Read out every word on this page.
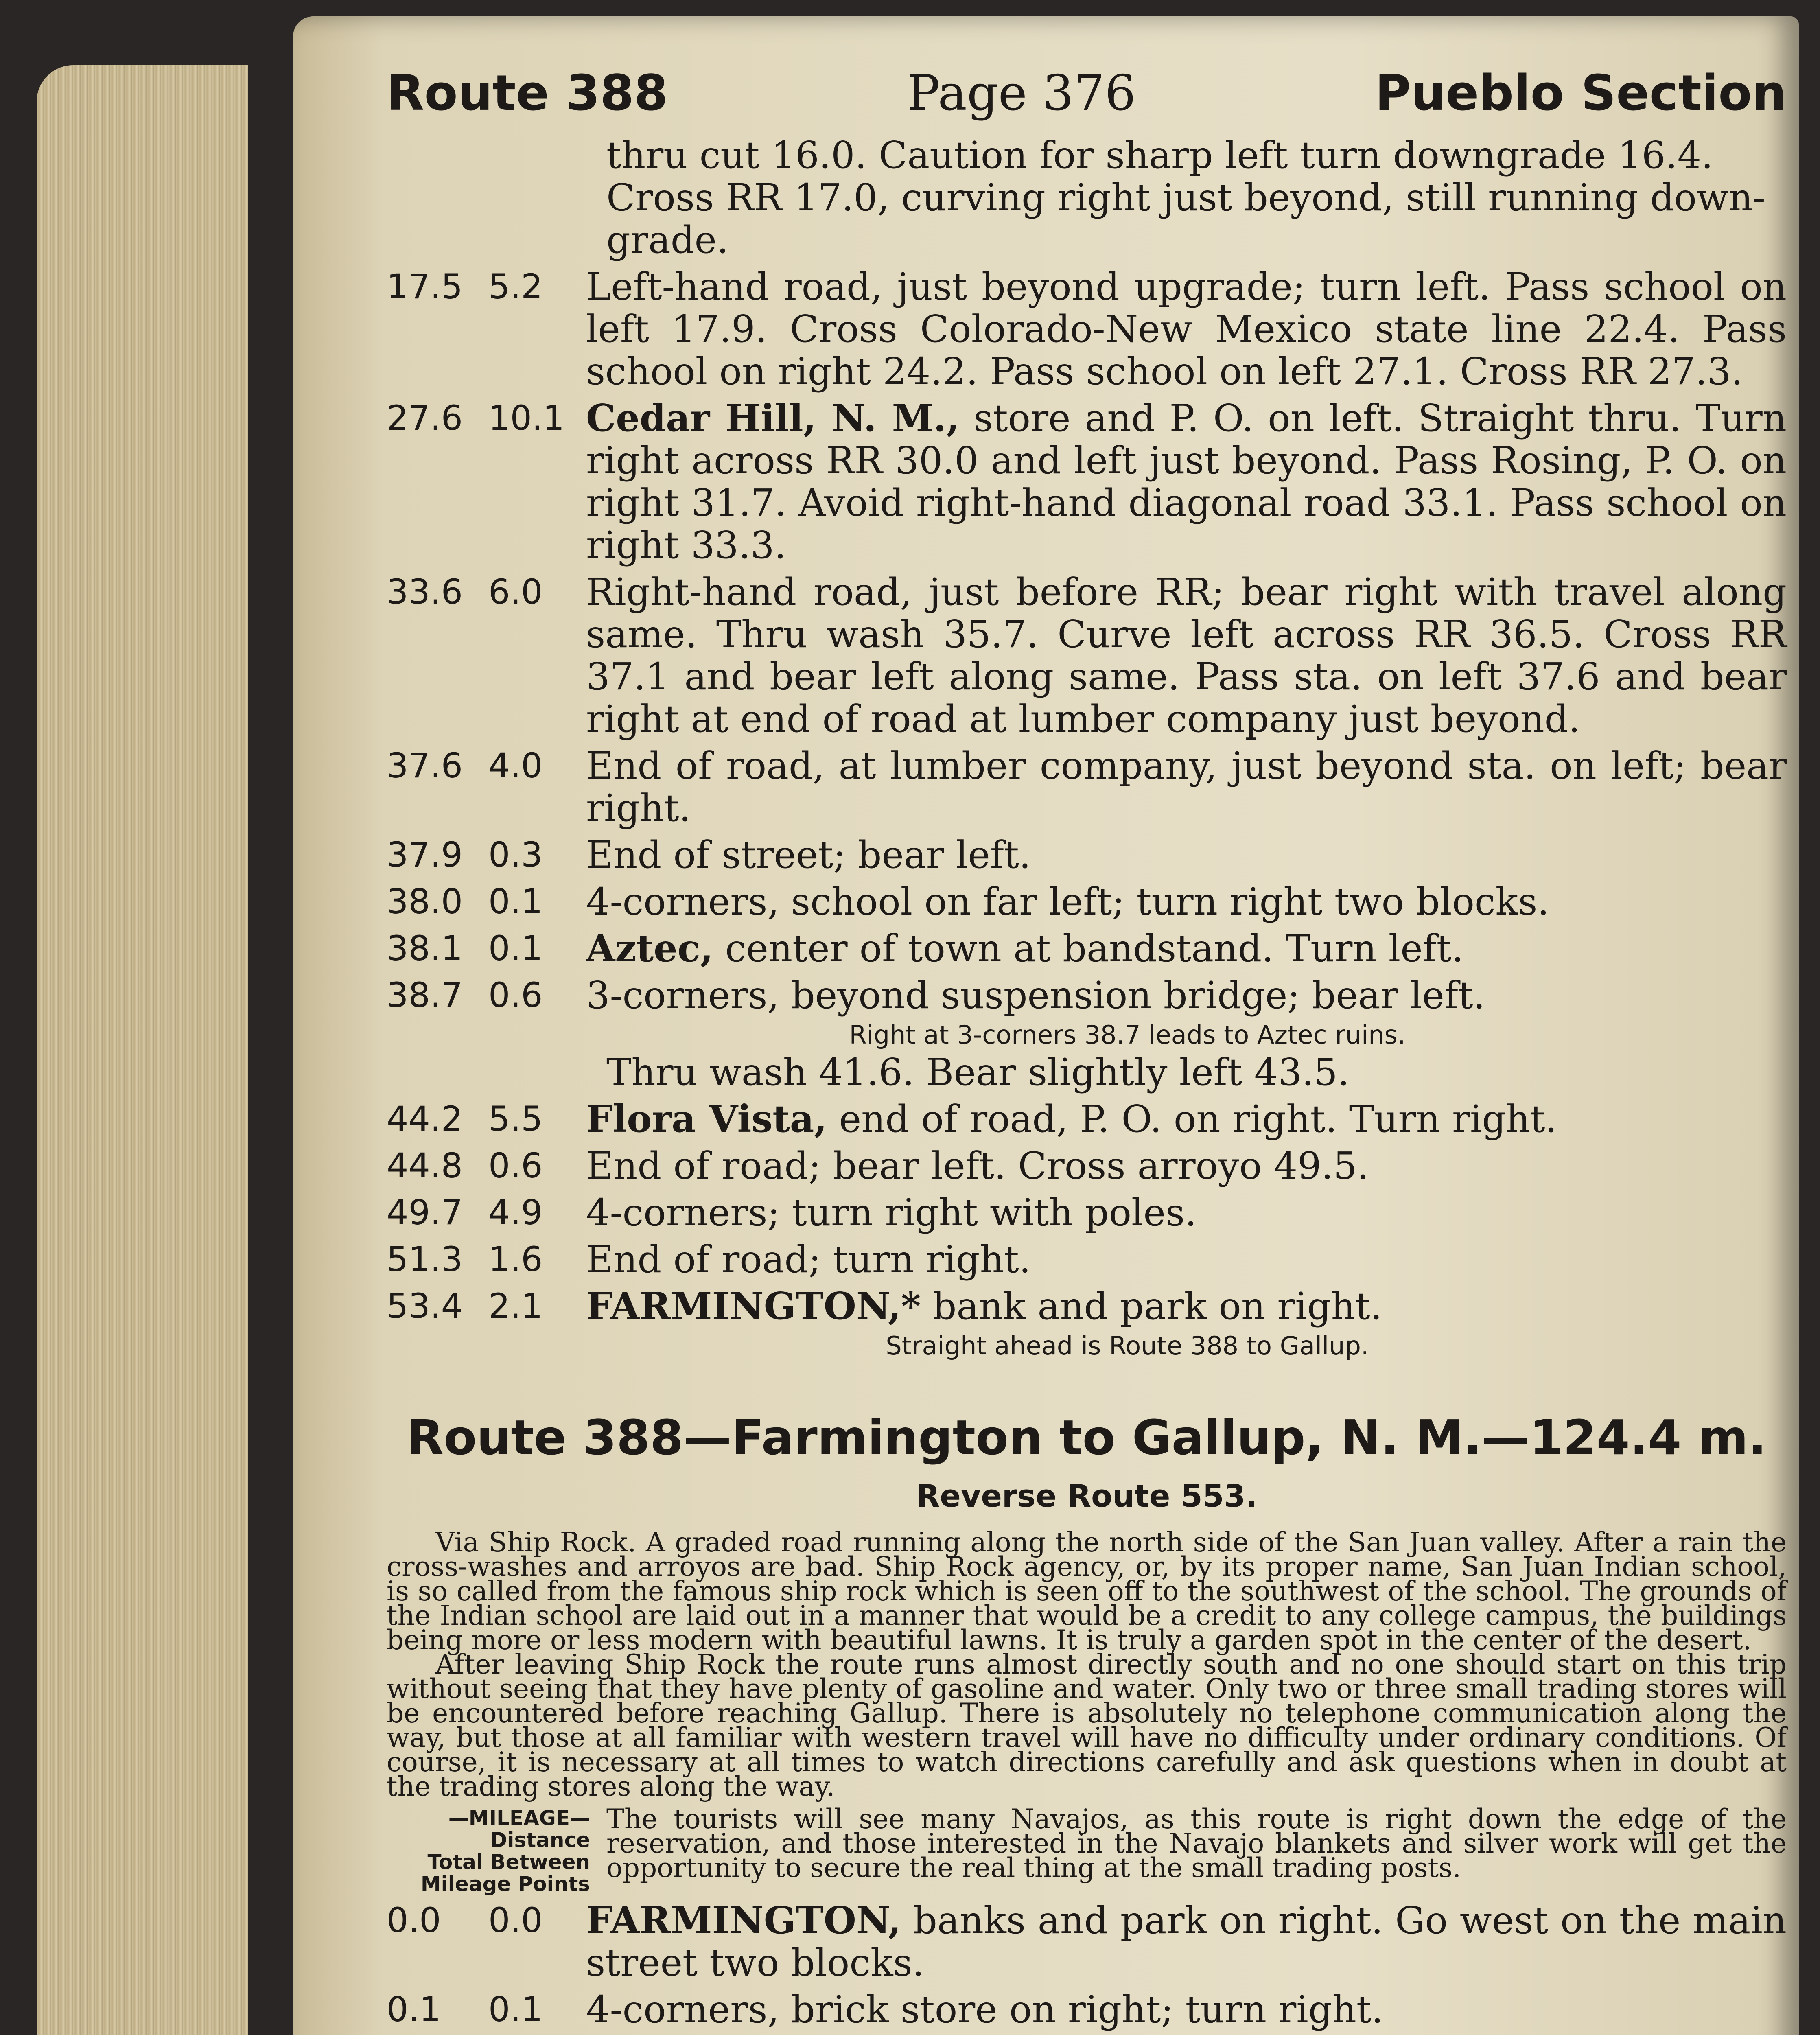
Route 388	Page 376	Pueblo Section
thru cut 16.0. Caution for sharp left turn downgrade 16.4.
Cross RR 17.0, curving right just beyond, still running down-
grade.
17.5 5.2	Left-hand road, just beyond upgrade; turn left. Pass school on left 17.9. Cross Colorado-New Mexico state line 22.4. Pass school on right 24.2. Pass school on left 27.1. Cross RR 27.3.
27.6 10.1 Cedar Hill, N. M., store and P. O. on left. Straight thru. Turn right across RR 30.0 and left just beyond. Pass Rosing, P. O. on right 31.7. Avoid right-hand diagonal road 33.1. Pass school on right 33.3.
33.6 6.0	Right-hand road, just before RR; bear right with travel along same. Thru wash 35.7. Curve left across RR 36.5. Cross RR 37.1 and bear left along same. Pass sta. on left 37.6 and bear right at end of road at lumber company just beyond.
37.6 4.0	End of road, at lumber company, just beyond sta. on left; bear right.
37.9 0.3	End of street; bear left.
38.0 0.1	4-corners, school on far left; turn right two blocks.
38.1 0.1	Aztec, center of town at bandstand. Turn left.
38.7 0.6	3-corners, beyond suspension bridge; bear left.
Right at 3-corners 38.7 leads to Aztec ruins.
Thru wash 41.6. Bear slightly left 43.5.
44.2 5.5	Flora Vista, end of road, P. O. on right. Turn right.
44.8 0.6	End of road; bear left. Cross arroyo 49.5.
49.7 4.9	4-corners; turn right with poles.
51.3 1.6	End of road; turn right.
53.4 2.1	FARMINGTON,* bank and park on right.
Straight ahead is Route 388 to Gallup.
Route 388—Farmington to Gallup, N. M.—124.4 m.
Reverse Route 553.

Via Ship Rock. A graded road running along the north side of the San Juan valley. After a rain the cross-washes and arroyos are bad. Ship Rock agency, or, by its proper name, San Juan Indian school, is so called from the famous ship rock which is seen off to the southwest of the school. The grounds of the Indian school are laid out in a manner that would be a credit to any college campus, the buildings being more or less modern with beautiful lawns. It is truly a garden spot in the center of the desert.

After leaving Ship Rock the route runs almost directly south and no one should start on this trip without seeing that they have plenty of gasoline and water. Only two or three small trading stores will be encountered before reaching Gallup. There is absolutely no telephone communication along the way, but those at all familiar with western travel will have no difficulty under ordinary conditions. Of course, it is necessary at all times to watch directions carefully and ask questions when in doubt at the trading stores along the way.

—MILEAGE—
Distance
Total Between
Mileage Points
The tourists will see many Navajos, as this route is right down the edge of the reservation, and those interested in the Navajo blankets and silver work will get the opportunity to secure the real thing at the small trading posts.
0.0	0.0	FARMINGTON, banks and park on right. Go west on the main street two blocks.
0.1	0.1	4-corners, brick store on right; turn right.
